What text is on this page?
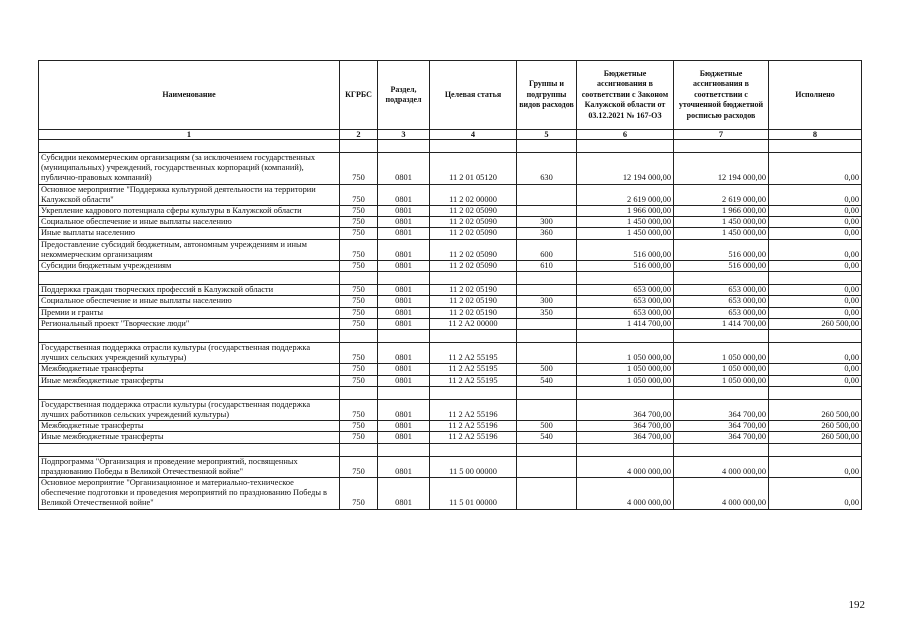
Наименование	КГРБС	Раздел, подраздел	Целевая статья	Группы и подгруппы видов расходов	Бюджетные ассигнования в соответствии с Законом Калужской области от 03.12.2021 № 167-ОЗ	Бюджетные ассигнования в соответствии с уточненной бюджетной росписью расходов	Исполнено
1	2	3	4	5	6	7	8

Субсидии некоммерческим организациям (за исключением государственных (муниципальных) учреждений, государственных корпораций (компаний), публично-правовых компаний)	750	0801	11 2 01 05120	630	12 194 000,00	12 194 000,00	0,00
Основное мероприятие "Поддержка культурной деятельности на территории Калужской области"	750	0801	11 2 02 00000		2 619 000,00	2 619 000,00	0,00
Укрепление кадрового потенциала сферы культуры в Калужской области	750	0801	11 2 02 05090		1 966 000,00	1 966 000,00	0,00
Социальное обеспечение и иные выплаты населению	750	0801	11 2 02 05090	300	1 450 000,00	1 450 000,00	0,00
Иные выплаты населению	750	0801	11 2 02 05090	360	1 450 000,00	1 450 000,00	0,00
Предоставление субсидий бюджетным, автономным учреждениям и иным некоммерческим организациям	750	0801	11 2 02 05090	600	516 000,00	516 000,00	0,00
Субсидии бюджетным учреждениям	750	0801	11 2 02 05090	610	516 000,00	516 000,00	0,00

Поддержка граждан творческих профессий в Калужской области	750	0801	11 2 02 05190		653 000,00	653 000,00	0,00
Социальное обеспечение и иные выплаты населению	750	0801	11 2 02 05190	300	653 000,00	653 000,00	0,00
Премии и гранты	750	0801	11 2 02 05190	350	653 000,00	653 000,00	0,00
Региональный проект "Творческие люди"	750	0801	11 2 A2 00000		1 414 700,00	1 414 700,00	260 500,00

Государственная поддержка отрасли культуры (государственная поддержка лучших сельских учреждений культуры)	750	0801	11 2 A2 55195		1 050 000,00	1 050 000,00	0,00
Межбюджетные трансферты	750	0801	11 2 A2 55195	500	1 050 000,00	1 050 000,00	0,00
Иные межбюджетные трансферты	750	0801	11 2 A2 55195	540	1 050 000,00	1 050 000,00	0,00

Государственная поддержка отрасли культуры (государственная поддержка лучших работников сельских учреждений культуры)	750	0801	11 2 A2 55196		364 700,00	364 700,00	260 500,00
Межбюджетные трансферты	750	0801	11 2 A2 55196	500	364 700,00	364 700,00	260 500,00
Иные межбюджетные трансферты	750	0801	11 2 A2 55196	540	364 700,00	364 700,00	260 500,00

Подпрограмма "Организация и проведение мероприятий, посвященных празднованию Победы в Великой Отечественной войне"	750	0801	11 5 00 00000		4 000 000,00	4 000 000,00	0,00
Основное мероприятие "Организационное и материально-техническое обеспечение подготовки и проведения мероприятий по празднованию Победы в Великой Отечественной войне"	750	0801	11 5 01 00000		4 000 000,00	4 000 000,00	0,00
192
